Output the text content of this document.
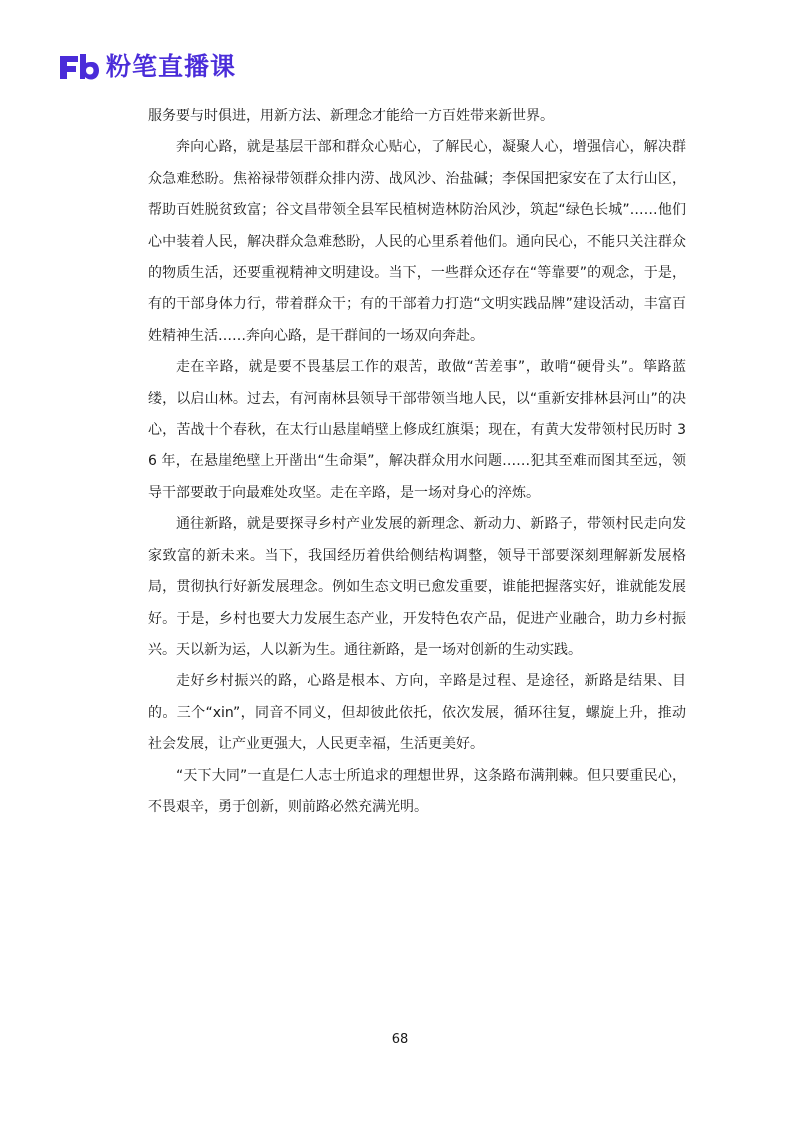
粉笔直播课

服务要与时俱进，用新方法、新理念才能给一方百姓带来新世界。

奔向心路，就是基层干部和群众心贴心，了解民心，凝聚人心，增强信心，解决群众急难愁盼。焦裕禄带领群众排内涝、战风沙、治盐碱；李保国把家安在了太行山区，帮助百姓脱贫致富；谷文昌带领全县军民植树造林防治风沙，筑起“绿色长城”……他们心中装着人民，解决群众急难愁盼，人民的心里系着他们。通向民心，不能只关注群众的物质生活，还要重视精神文明建设。当下，一些群众还存在“等靠要”的观念，于是，有的干部身体力行，带着群众干；有的干部着力打造“文明实践品牌”建设活动，丰富百姓精神生活……奔向心路，是干群间的一场双向奔赴。

走在辛路，就是要不畏基层工作的艰苦，敢做“苦差事”，敢啃“硬骨头”。筚路蓝缕，以启山林。过去，有河南林县领导干部带领当地人民，以“重新安排林县河山”的决心，苦战十个春秋，在太行山悬崖峭壁上修成红旗渠；现在，有黄大发带领村民历时 36 年，在悬崖绝壁上开凿出“生命渠”，解决群众用水问题……犯其至难而图其至远，领导干部要敢于向最难处攻坚。走在辛路，是一场对身心的淬炼。

通往新路，就是要探寻乡村产业发展的新理念、新动力、新路子，带领村民走向发家致富的新未来。当下，我国经历着供给侧结构调整，领导干部要深刻理解新发展格局，贯彻执行好新发展理念。例如生态文明已愈发重要，谁能把握落实好，谁就能发展好。于是，乡村也要大力发展生态产业，开发特色农产品，促进产业融合，助力乡村振兴。天以新为运，人以新为生。通往新路，是一场对创新的生动实践。

走好乡村振兴的路，心路是根本、方向，辛路是过程、是途径，新路是结果、目的。三个“xin”，同音不同义，但却彼此依托，依次发展，循环往复，螺旋上升，推动社会发展，让产业更强大，人民更幸福，生活更美好。

“天下大同”一直是仁人志士所追求的理想世界，这条路布满荆棘。但只要重民心，不畏艰辛，勇于创新，则前路必然充满光明。

68
